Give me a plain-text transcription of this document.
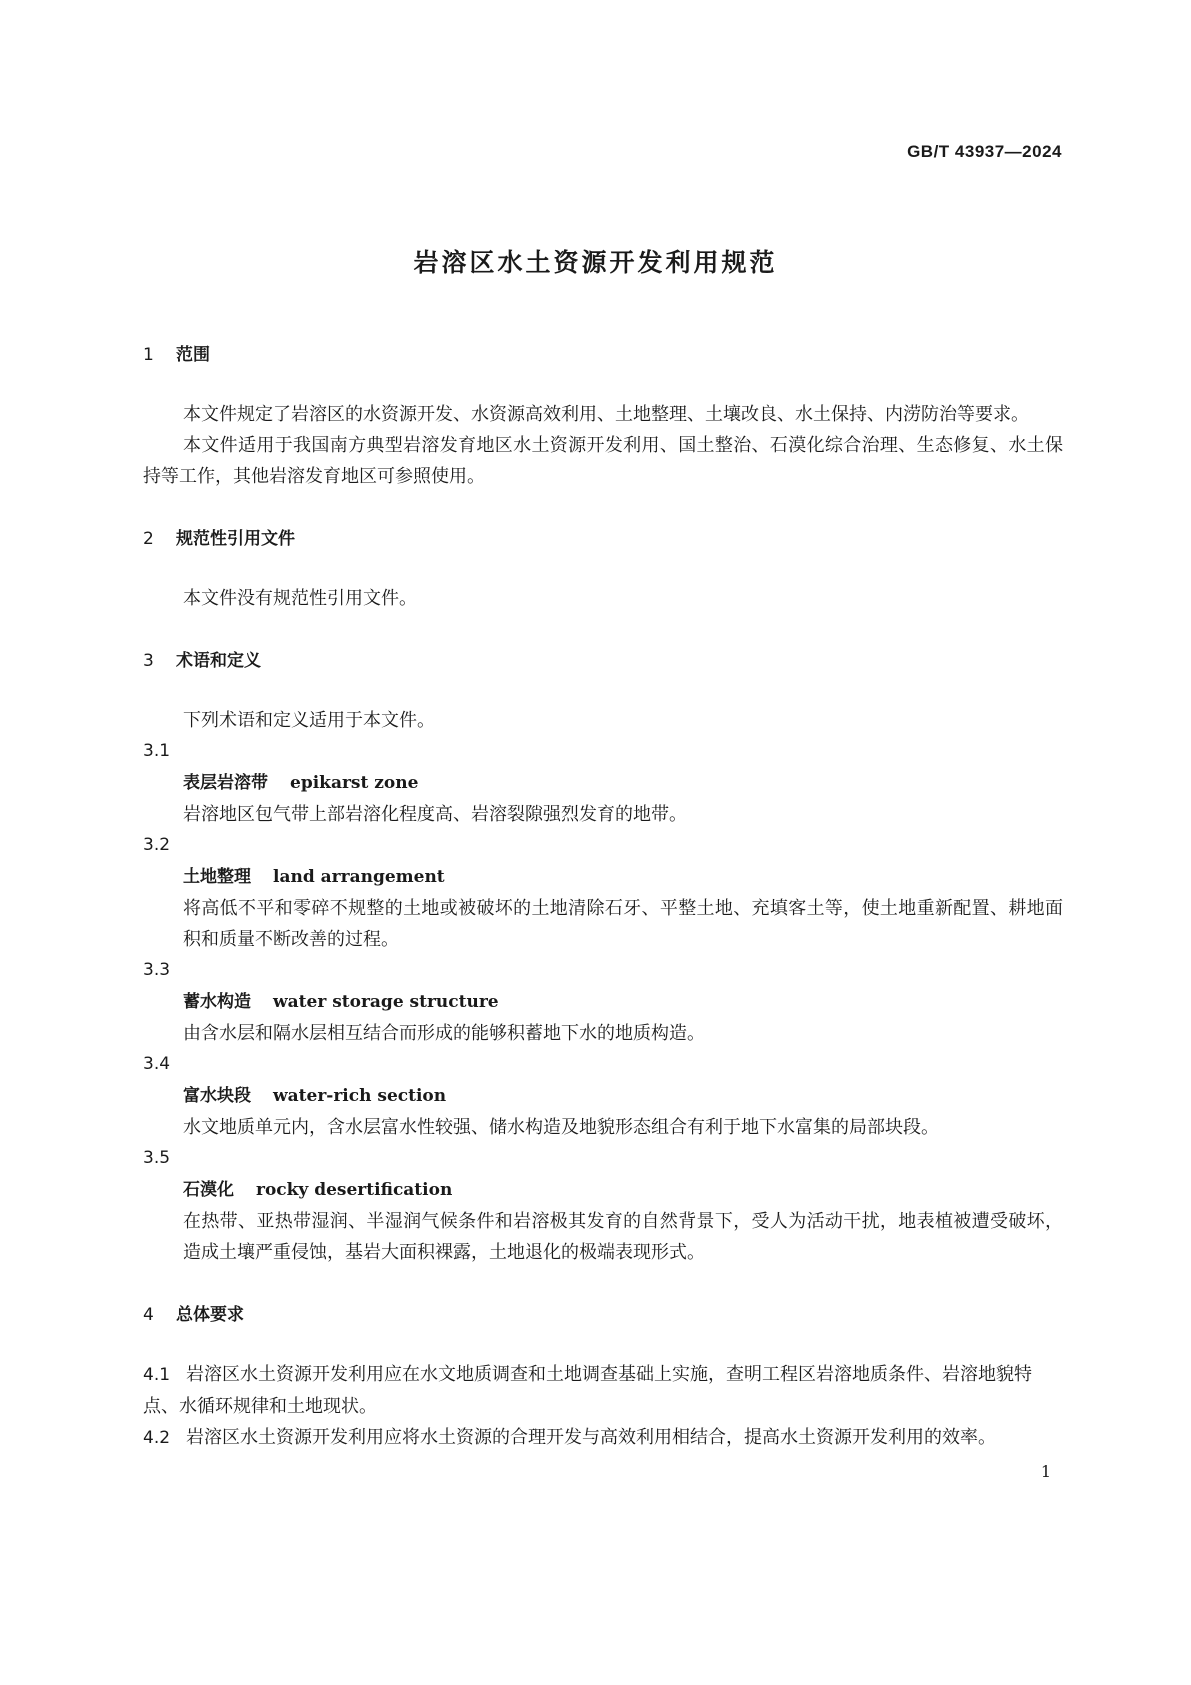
GB/T 43937—2024
岩溶区水土资源开发利用规范
1 范围
本文件规定了岩溶区的水资源开发、水资源高效利用、土地整理、土壤改良、水土保持、内涝防治等要求。
本文件适用于我国南方典型岩溶发育地区水土资源开发利用、国土整治、石漠化综合治理、生态修复、水土保持等工作，其他岩溶发育地区可参照使用。
2 规范性引用文件
本文件没有规范性引用文件。
3 术语和定义
下列术语和定义适用于本文件。
3.1
表层岩溶带 epikarst zone
岩溶地区包气带上部岩溶化程度高、岩溶裂隙强烈发育的地带。
3.2
土地整理 land arrangement
将高低不平和零碎不规整的土地或被破坏的土地清除石牙、平整土地、充填客土等，使土地重新配置、耕地面积和质量不断改善的过程。
3.3
蓄水构造 water storage structure
由含水层和隔水层相互结合而形成的能够积蓄地下水的地质构造。
3.4
富水块段 water-rich section
水文地质单元内，含水层富水性较强、储水构造及地貌形态组合有利于地下水富集的局部块段。
3.5
石漠化 rocky desertification
在热带、亚热带湿润、半湿润气候条件和岩溶极其发育的自然背景下，受人为活动干扰，地表植被遭受破坏，造成土壤严重侵蚀，基岩大面积裸露，土地退化的极端表现形式。
4 总体要求
4.1 岩溶区水土资源开发利用应在水文地质调查和土地调查基础上实施，查明工程区岩溶地质条件、岩溶地貌特点、水循环规律和土地现状。
4.2 岩溶区水土资源开发利用应将水土资源的合理开发与高效利用相结合，提高水土资源开发利用的效率。
1
